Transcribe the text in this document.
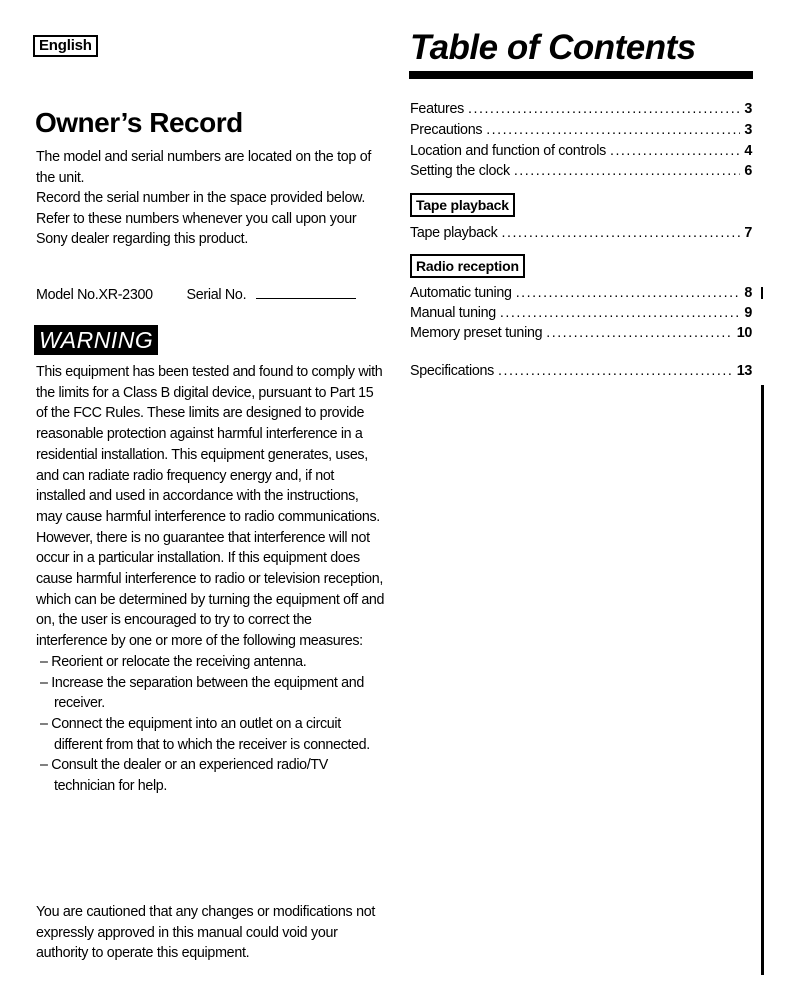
English
Owner’s Record

The model and serial numbers are located on the top of the unit.

Record the serial number in the space provided below.

Refer to these numbers whenever you call upon your Sony dealer regarding this product.

Model No.XR-2300 Serial No.
WARNING

This equipment has been tested and found to comply with the limits for a Class B digital device, pursuant to Part 15 of the FCC Rules. These limits are designed to provide reasonable protection against harmful interference in a residential installation. This equipment generates, uses, and can radiate radio frequency energy and, if not installed and used in accordance with the instructions, may cause harmful interference to radio communications. However, there is no guarantee that interference will not occur in a particular installation. If this equipment does cause harmful interference to radio or television reception, which can be determined by turning the equipment off and on, the user is encouraged to try to correct the interference by one or more of the following measures:

– Reorient or relocate the receiving antenna.
– Increase the separation between the equipment and receiver.
– Connect the equipment into an outlet on a circuit different from that to which the receiver is connected.
– Consult the dealer or an experienced radio/TV technician for help.
You are cautioned that any changes or modifications not expressly approved in this manual could void your authority to operate this equipment.
Table of Contents
Features .....	3
Precautions .....	3
Location and function of controls .....	4
Setting the clock .....	6
Tape playback
Tape playback .....	7
Radio reception
Automatic tuning .....	8
Manual tuning .....	9
Memory preset tuning .....	10
Specifications .....	13
